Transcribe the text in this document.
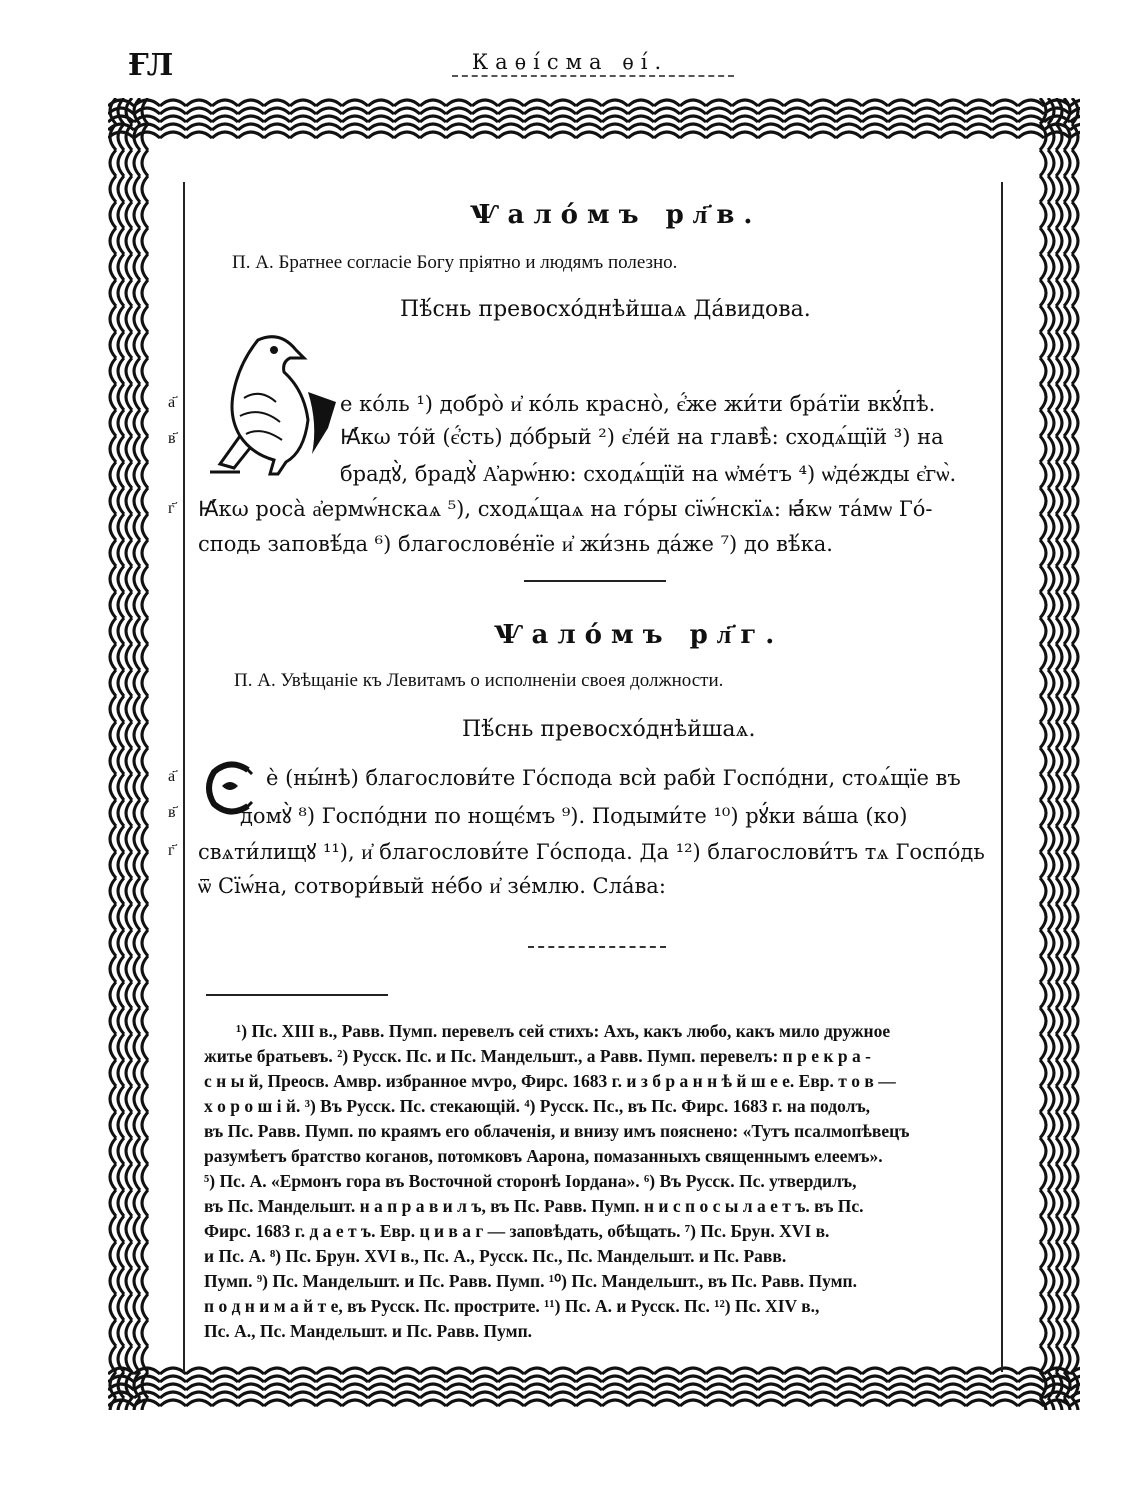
ҒЛ	Каѳі́сма ѳі́.
Ѱалóмъ рл҃в.
П. А. Братнее согласіе Богу пріятно и людямъ полезно.
Пѣ́снь превосхóднѣйшаѧ Дáвидова.
а҃
в҃
г҃
е кóль ¹) добрò и҆ кóль красно̀, є҆́же жи́ти бра́тїи вкꙋ́пѣ.
Ꙗ҆́кω тóй (є҆́сть) дóбрый ²) є҆лéй на главѣ̀: сходѧ́щїй ³) на
брадꙋ̀, брадꙋ̀ А҆арѡ́ню: сходѧ́щїй на ѡ҆мéтъ ⁴) ѡ҆дéжды є҆гѡ̀.
Ꙗ҆́кω росà а҆ермѡ́нскаѧ ⁵), сходѧ́щаѧ на гóры сїѡ́нскїѧ: ꙗ҆́кѡ та́мѡ Гó-
сподь заповѣ́да ⁶) благословéнїе и҆ жи́знь да́же ⁷) до вѣ́ка.
Ѱалóмъ рл҃г.
П. А. Увѣщаніе къ Левитамъ о исполненіи своея должности.
Пѣ́снь превосхóднѣйшаѧ.
а҃
в҃
г҃
ѐ (ны́нѣ) благослови́те Гóспода всѝ рабѝ Госпóдни, стоѧ́щїе въ
домꙋ̀ ⁸) Госпóдни по нощє́мъ ⁹). Подыми́те ¹⁰) рꙋ́ки ва́ша (ко)
свѧти́лищꙋ ¹¹), и҆ благослови́те Гóспода. Да ¹²) благослови́тъ тѧ Госпóдь
ѿ Сїѡ́на, сотвори́вый нéбо и҆ зéмлю. Сла́ва:
¹) Пс. XIII в., Равв. Пумп. перевелъ сей стихъ: Ахъ, какъ любо, какъ мило дружное
житье братьевъ. ²) Русск. Пс. и Пс. Мандельшт., а Равв. Пумп. перевелъ: п р е к р а -
с н ы й, Преосв. Амвр. избранное мѵро, Фирс. 1683 г. и з б р а н н ѣ й ш е е. Евр. т о в —
х о р о ш і й. ³) Въ Русск. Пс. стекающій. ⁴) Русск. Пс., въ Пс. Фирс. 1683 г. на подолъ,
въ Пс. Равв. Пумп. по краямъ его облаченія, и внизу имъ пояснено: «Тутъ псалмопѣвецъ
разумѣетъ братство коганов, потомковъ Аарона, помазанныхъ священнымъ елеемъ».
⁵) Пс. А. «Ермонъ гора въ Восточной сторонѣ Іордана». ⁶) Въ Русск. Пс. утвердилъ,
въ Пс. Мандельшт. н а п р а в и л ъ, въ Пс. Равв. Пумп. н и с п о с ы л а е т ъ. въ Пс.
Фирс. 1683 г. д а е т ъ. Евр. ц и в а г — заповѣдать, обѣщать. ⁷) Пс. Брун. XVI в.
и Пс. А. ⁸) Пс. Брун. XVI в., Пс. А., Русск. Пс., Пс. Мандельшт. и Пс. Равв.
Пумп. ⁹) Пс. Мандельшт. и Пс. Равв. Пумп. ¹⁰) Пс. Мандельшт., въ Пс. Равв. Пумп.
п о д н и м а й т е, въ Русск. Пс. прострите. ¹¹) Пс. А. и Русск. Пс. ¹²) Пс. XIV в.,
Пс. А., Пс. Мандельшт. и Пс. Равв. Пумп.
